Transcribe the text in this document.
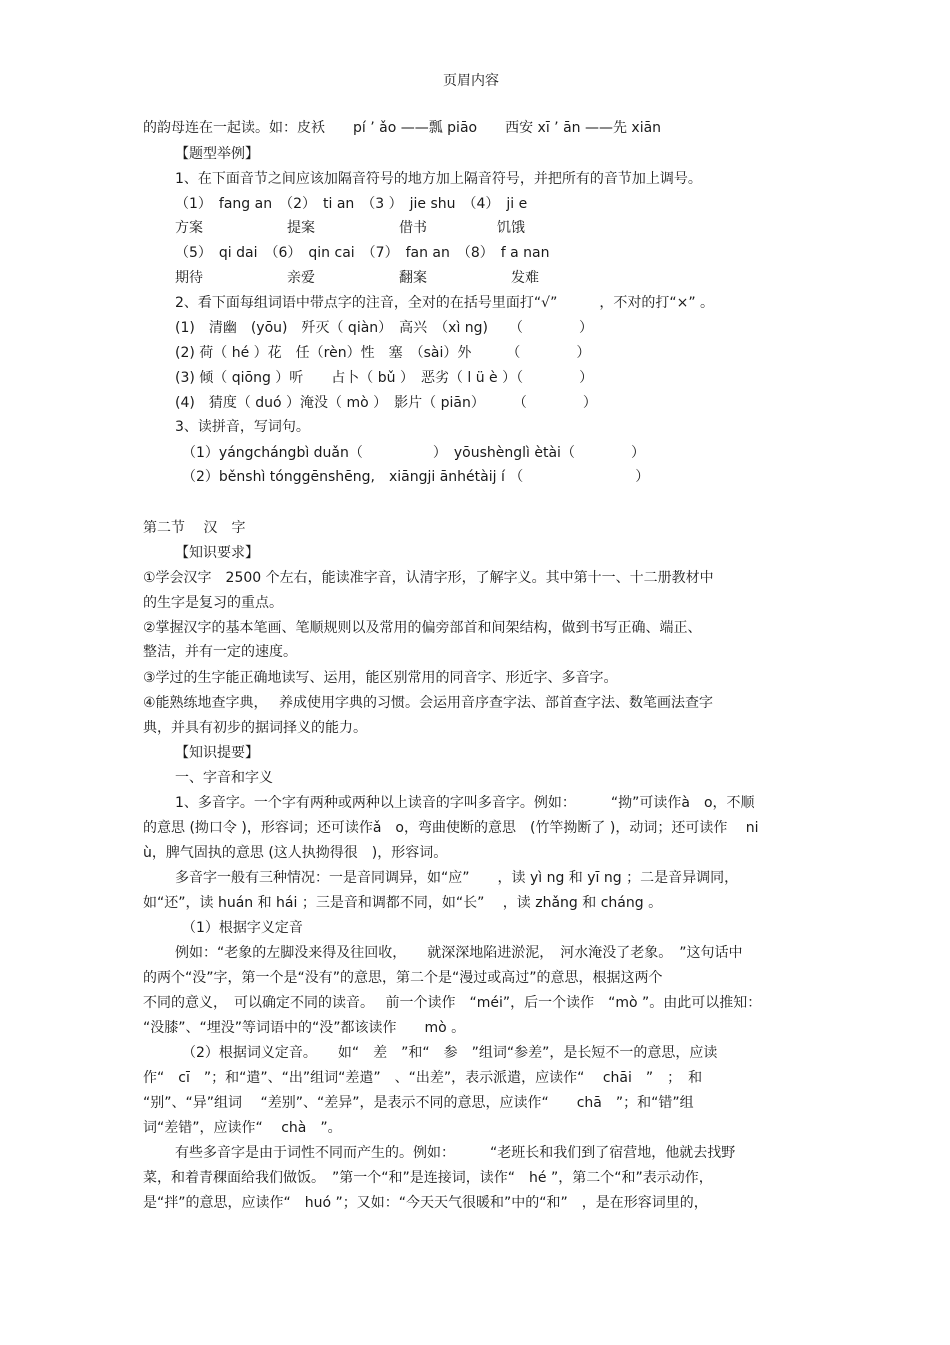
页眉内容
的韵母连在一起读。如：皮袄　　pí ’ ǎo ——瓢 piāo　　西安 xī ’ ān ——先 xiān
【题型举例】
1、在下面音节之间应该加隔音符号的地方加上隔音符号，并把所有的音节加上调号。
（1）　fang an　（2）　ti an　（3 ）　jie shu　（4）　ji e
方案　　　　　　提案　　　　　　借书　　　　　饥饿
（5）　qi dai　（6）　qin cai　（7）　fan an　（8）　f a nan
期待　　　　　　亲爱　　　　　　翻案　　　　　　发难
2、看下面每组词语中带点字的注音，全对的在括号里面打“√”　　　，不对的打“×” 。
(1)　清幽　(yōu)　歼灭（ qiàn）　高兴　（xì ng)　　（　　　　）
(2) 荷（ hé ）花　任（rèn）性　塞　（sài）外　　　（　　　　）
(3) 倾（ qiōng ）听　　占卜（ bǔ ）　恶劣（ l ü è ）（　　　　）
(4)　猜度（ duó ）淹没（ mò ）　影片（ piān）　　　（　　　　）
3、读拼音，写词句。
（1）yángchángbì duǎn（　　　　　）　yōushènglì ètài（　　　　）
（2）běnshì tónggēnshēng,　xiāngji ānhétàij í （　　　　　　　　）
第二节　 汉　字
【知识要求】
①学会汉字　2500 个左右，能读准字音，认清字形，了解字义。其中第十一、十二册教材中
的生字是复习的重点。
②掌握汉字的基本笔画、笔顺规则以及常用的偏旁部首和间架结构，做到书写正确、端正、
整洁，并有一定的速度。
③学过的生字能正确地读写、运用，能区别常用的同音字、形近字、多音字。
④能熟练地查字典，　 养成使用字典的习惯。会运用音序查字法、部首查字法、数笔画法查字
典，并具有初步的据词择义的能力。
【知识提要】
一、字音和字义
1、多音字。一个字有两种或两种以上读音的字叫多音字。例如：　　　“拗”可读作à　o，不顺
的意思 (拗口令 )，形容词；还可读作ǎ　o，弯曲使断的意思　(竹竿拗断了 )，动词；还可读作　 ni
ù，脾气固执的意思 (这人执拗得很　)，形容词。
多音字一般有三种情况：一是音同调异，如“应”　　，读 yì ng 和 yī ng ；二是音异调同，
如“还”，读 huán 和 hái ；三是音和调都不同，如“长”　 ，读 zhǎng 和 cháng 。
（1）根据字义定音
例如：“老象的左脚没来得及往回收，　　就深深地陷进淤泥，　河水淹没了老象。　”这句话中
的两个“没”字，第一个是“没有”的意思，第二个是“漫过或高过”的意思，根据这两个
不同的意义，　可以确定不同的读音。　 前一个读作　“méi”，后一个读作　“mò ”。由此可以推知：
“没膝”、“埋没”等词语中的“没”都该读作　　mò 。
（2）根据词义定音。　　如“　差　”和“　参　”组词“参差”，是长短不一的意思，应读
作“　cī　”；和“遣”、“出”组词“差遣”　、“出差”，表示派遣，应读作“　 chāi　”　；　和
“别”、“异”组词　 “差别”、“差异”，是表示不同的意思，应读作“　　chā　”；和“错”组
词“差错”，应读作“　 chà　”。
有些多音字是由于词性不同而产生的。例如：　　　“老班长和我们到了宿营地，他就去找野
菜，和着青稞面给我们做饭。　”第一个“和”是连接词，读作“　hé ”，第二个“和”表示动作，
是“拌”的意思，应读作“　huó ”；又如：“今天天气很暖和”中的“和”　，是在形容词里的，
